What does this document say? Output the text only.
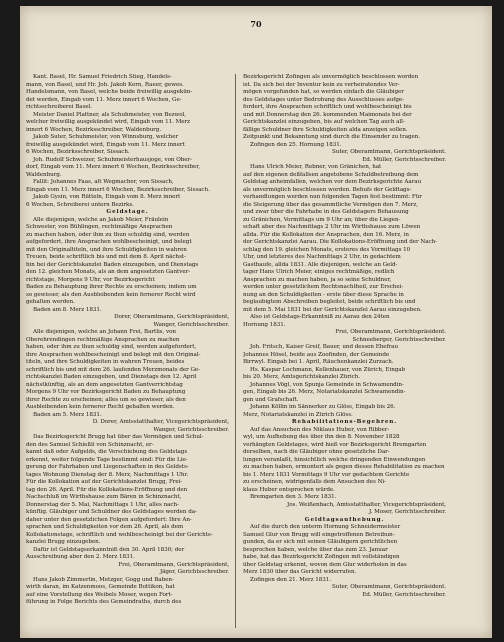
70
Kant. Basel, Hr. Samuel Friedrich Stieg, Handels-
mann, von Basel, und Hr. Joh. Jakob Kern, Raeer, gewes.
Handelsmann, von Basel, welche beide freiwillig ausgekün-
det werden, Eingab vom 11. Merz innert 6 Wochen, Ge-
richtsschreiberei Basel.
Meister Daniel Plattner, als Schuhmeister, von Bezwol,
welcher freiwillig ausgekündet wird, Eingab vom 11. Merz
innert 6 Wochen, Bezirksschreiber, Waldenburg.
Jakob Suter, Schuhmeister, von Winnsburg, welcher
freiwillig ausgekündet wird, Eingab vom 11. Merz innert
6 Wochen, Bezirksschreiber, Sissach.
Joh. Rudolf Schweizer, Schuhmeisterhausjoge, von Ober-
dorf, Eingab vom 11. Merz innert 6 Wochen, Bezirksschreiber,
Waldenburg.
Fallit: Johannes Faas, alt Wegmacher, von Sissach,
Eingab vom 11. Merz innert 6 Wochen, Bezirksschreiber, Sissach.
Jakob Gysin, von Rütteln, Eingab vom 8. Merz innert
6 Wochen, Schreiberei untern Bezirks.
Geldstage.
Alle diejenigen, welche an Jakob Meier, Fräulein
Schwester, von Bühlingen, rechtmäßige Ansprachen
zu machen haben, oder ihm zu thun schuldig sind, werden
aufgefordert, ihre Ansprachen wohlbescheinigt, und belegt
mit den Originaltiteln, und ihre Schuldigkeiten in wahren
Treuen, beide schriftlich bis und mit dem 8. April nächst-
hin bei der Gerichtskanzlei Baden einzugeben, und Dienstags
den 12. gleichen Monats, als an dem angesetzten Gantver-
richtstage, Morgens 9 Uhr, vor Bezirksgericht
Baden zu Behauptung ihrer Rechte zu erscheinen; indem um
so gewisser, als den Ausbleibenden kein fernerer Recht wird
gehalten werden.
Baden am 8. Merz 1831.
Dorer, Oberamtmann, Gerichtspräsident,
Wanger, Gerichtsschreiber.
Alle diejenigen, welche an Johann Frei, Bartlis, von
Oberehrendingen rechtmäßige Ansprachen zu machen
haben, oder ihm zu thun schuldig sind, werden aufgefordert,
ihre Ansprachen wohlbescheinigt und belegt mit den Original-
titeln, und ihre Schuldigkeiten in wahren Treuen, beides
schriftlich bis und mit dem 26. laufenden Merzmonats der Ge-
richtskanzlei Baden einzugeben, und Dienstags den 12. April
nächstkünftig, als an dem angesetzten Gantverrichtstag
Morgens 9 Uhr vor Bezirksgericht Baden zu Behauptung
ihrer Rechte zu erscheinen; alles um so gewisser, als den
Ausbleibenden kein fernerer Recht gehalten werden.
Baden am 5. Merz 1831.
D. Dorer, Amtsstatthalter, Vicegerichtspräsident,
Wanger, Gerichtsschreiber.
Das Bezirksgericht Brugg hat über das Vermögen und Schul-
den des Samuel Schießli von Schinznacht, er-
kannt daß oder Aufgelds, die Verschiebung des Geldstags
erkennt, weiter folgende Tage bestimmt sind: Für die Lie-
gerung der Fahrhaben und Liegenschaften in des Geldsts-
tages Wohnung Dienstag der 8. Merz, Nachmittags 1 Uhr.
Für die Kollokation auf der Gerichtskanzlei Brugg, Frei-
tag den 26. April. Für die Kollokations-Eröffnung und den
Nachschluß im Wirthshause zum Bären in Schinznacht,
Donnerstag der 5. Mai, Nachmittags 1 Uhr, alles nach-
künftig. Gläubiger und Schuldner des Geldstages werden da-
daher unter den gesetzlichen Folgen aufgefordert: Ihre An-
sprachen und Schuldigkeiten vor dem 26. April, als dem
Kollokationstage, schriftlich und wohlbescheinigt bei der Gerichts-
kanzlei Brugg einzugeben.
Dafür ist Geldstagserkanntniß den 30. April 1830; der
Ausschreibung aber den 2. Merz 1831.
Frei, Oberamtmann, Gerichtspräsident,
Jäger, Gerichtsschreiber.
Hans Jakob Zimmerlin, Metzger, Gogg und Baben-
wirth daran, im Katzenmoos, Gemeinde Bottikon, hat
auf eine Vorstellung des Weibels Moser, wegen Fort-
führung in Folge Berichts des Gemeindraths, durch des
Bezirksgericht Zofingen als unvermöglich beschlossen worden
ist. Da sich bei der Inventur kein zu verheiratendes Ver-
mögen vorgefunden hat, so werden einfach die Gläubiger
des Geldstages unter Bedrohung des Ausschlusses aufge-
fordert, ihre Ansprachen schriftlich und wohlbescheinigt bis
und mit Donnerstag den 26. kommenden Maimonats bei der
Gerichtskanzlei einzugeben, bis auf welchen Tag auch all-
fällige Schuldner ihre Schuldigkeiten alda anzeigen sollen.
Zeitpunkt und Bekanntung sind durch die Einsender zu tragen.
Zofingen den 25. Hornung 1831.
Suter, Oberamtmann, Gerichtspräsident.
Ed. Müller, Gerichtsschreiber.
Hans Ulrich Meier, Rebner, von Gränichen, hat
auf den eigenen deßfallsen angetobene Schuldbetreibung dem
Geldstag anheimfallen, welchen vor dem Bezirksgerichte Aarau
als unvermöglich beschlossen worden. Behufs der Geldtags-
verhandlungen werden nun folgenden Tagen fest bestimmt: Für
die Steigerung über das gesammtliche Vermögen den 7. Merz,
und zwar über die Fahrhabe in des Geldstagers Behausung
zu Gränichen, Vormittags um 9 Uhr an; über die Liegen-
schaft aber des Nachmittags 2 Uhr im Wirthshause zum Löwen
allda. Für die Kollokation der Ansprachen, den 16. Merz, in
der Gerichtskanzlei Aarau. Die Kollokations-Eröffnung und der Nach-
schlag den 19. gleichen Monats, ersteres des Vormittags 10
Uhr, und letzteres des Nachmittags 2 Uhr, in gedachtem
Gasthaufe, allda 1831. Alle diejenigen, welche an Geld-
tager Hans Ulrich Meier, einiges rechtmäßige, redlich
Ansprachen zu machen haben, ja so seine Schuldner,
werden unter gesetzlichem Rechtsnachtheil, zur Erschei-
nung an den Schuldigkeiten - erste über diese Sprache in
beglaubigtem Abschreiben begleitet, beide schriftlich bis und
mit dem 5. Mai 1831 bei der Gerichtskanzlei Aarau einzugeben.
Also ist Geldstags-Erkanntniß zu Aarau den 24ten
Hornung 1831.
Frei, Oberamtmann, Gerichtspräsident.
Schneeberger, Gerichtsschreiber.
Joh. Fritsch, Kaiser Greif, Bauer, und dessen Ehefrau
Johannes Hösel, beide aus Zoofinden, der Gemeinde
Birrwyl. Eingab bei 1. April, Räuchenkanzlei Zurzach.
Hs. Kaspar Lochmann, Kellenhauer, von Zürich, Eingab
bis 20. Merz, Amtsgerichtskanzlei Zürich.
Johannes Vögl, von Spunja Gemeinde in Schwamendin-
gen, Eingab bis 26. Merz, Notariatskanzlei Schwamendin-
gen und Grafschaft.
Johann Köllin im Sännerker zu Glöss, Eingab bis 26.
Merz, Notariatskanzlei in Zürich Glöss.
Rehabilitations-Begehren.
Auf das Ansuchen des Niklaus Huber, von Ribber-
wyl, um Aufhebung des über ihn den 8. November 1828
verhängten Geldstages, wird hieß vor Bezirksgericht Bremgarten
derselben, nach die Gläubiger ohne gesetzliche Dar-
lungen veranlaßt, hinsichtlich welche dringenden Einwendungen
zu machen haben, ermuntert als gegen dieses Rehabilitation zu machen
bis 1. Merz 1831 Vormittags 9 Uhr vor gedachtem Gerichte
zu erscheinen, widrigenfalls dem Ansuchen des Ni-
klaus Huber entsprochen würde.
Bremgarten den 3. Merz 1831.
Jos. Weißenbach, Amtsstatthalter, Vicegerichtspräsident,
J. Moser, Gerichtsschreiber.
Geldtagsaufhebung.
Auf die durch den unterm Hornung Schneidermeister
Samuel Glur von Brugg will eingetroffenen Betreibun-
gunden, da er sich mit seinen Gläubigern gerichtlichen
besprochen haben, welche über das zum 23. Januar
habe, hat das Bezirksgericht Zofingen mit vollständigen
über Geldstag erkennt, wovon dem Glur widerholen in das
Merz 1830 über das Gericht widerrufen.
Zofingen den 21. Merz 1831.
Suter, Oberamtmann, Gerichtspräsident.
Ed. Müller, Gerichtsschreiber.
